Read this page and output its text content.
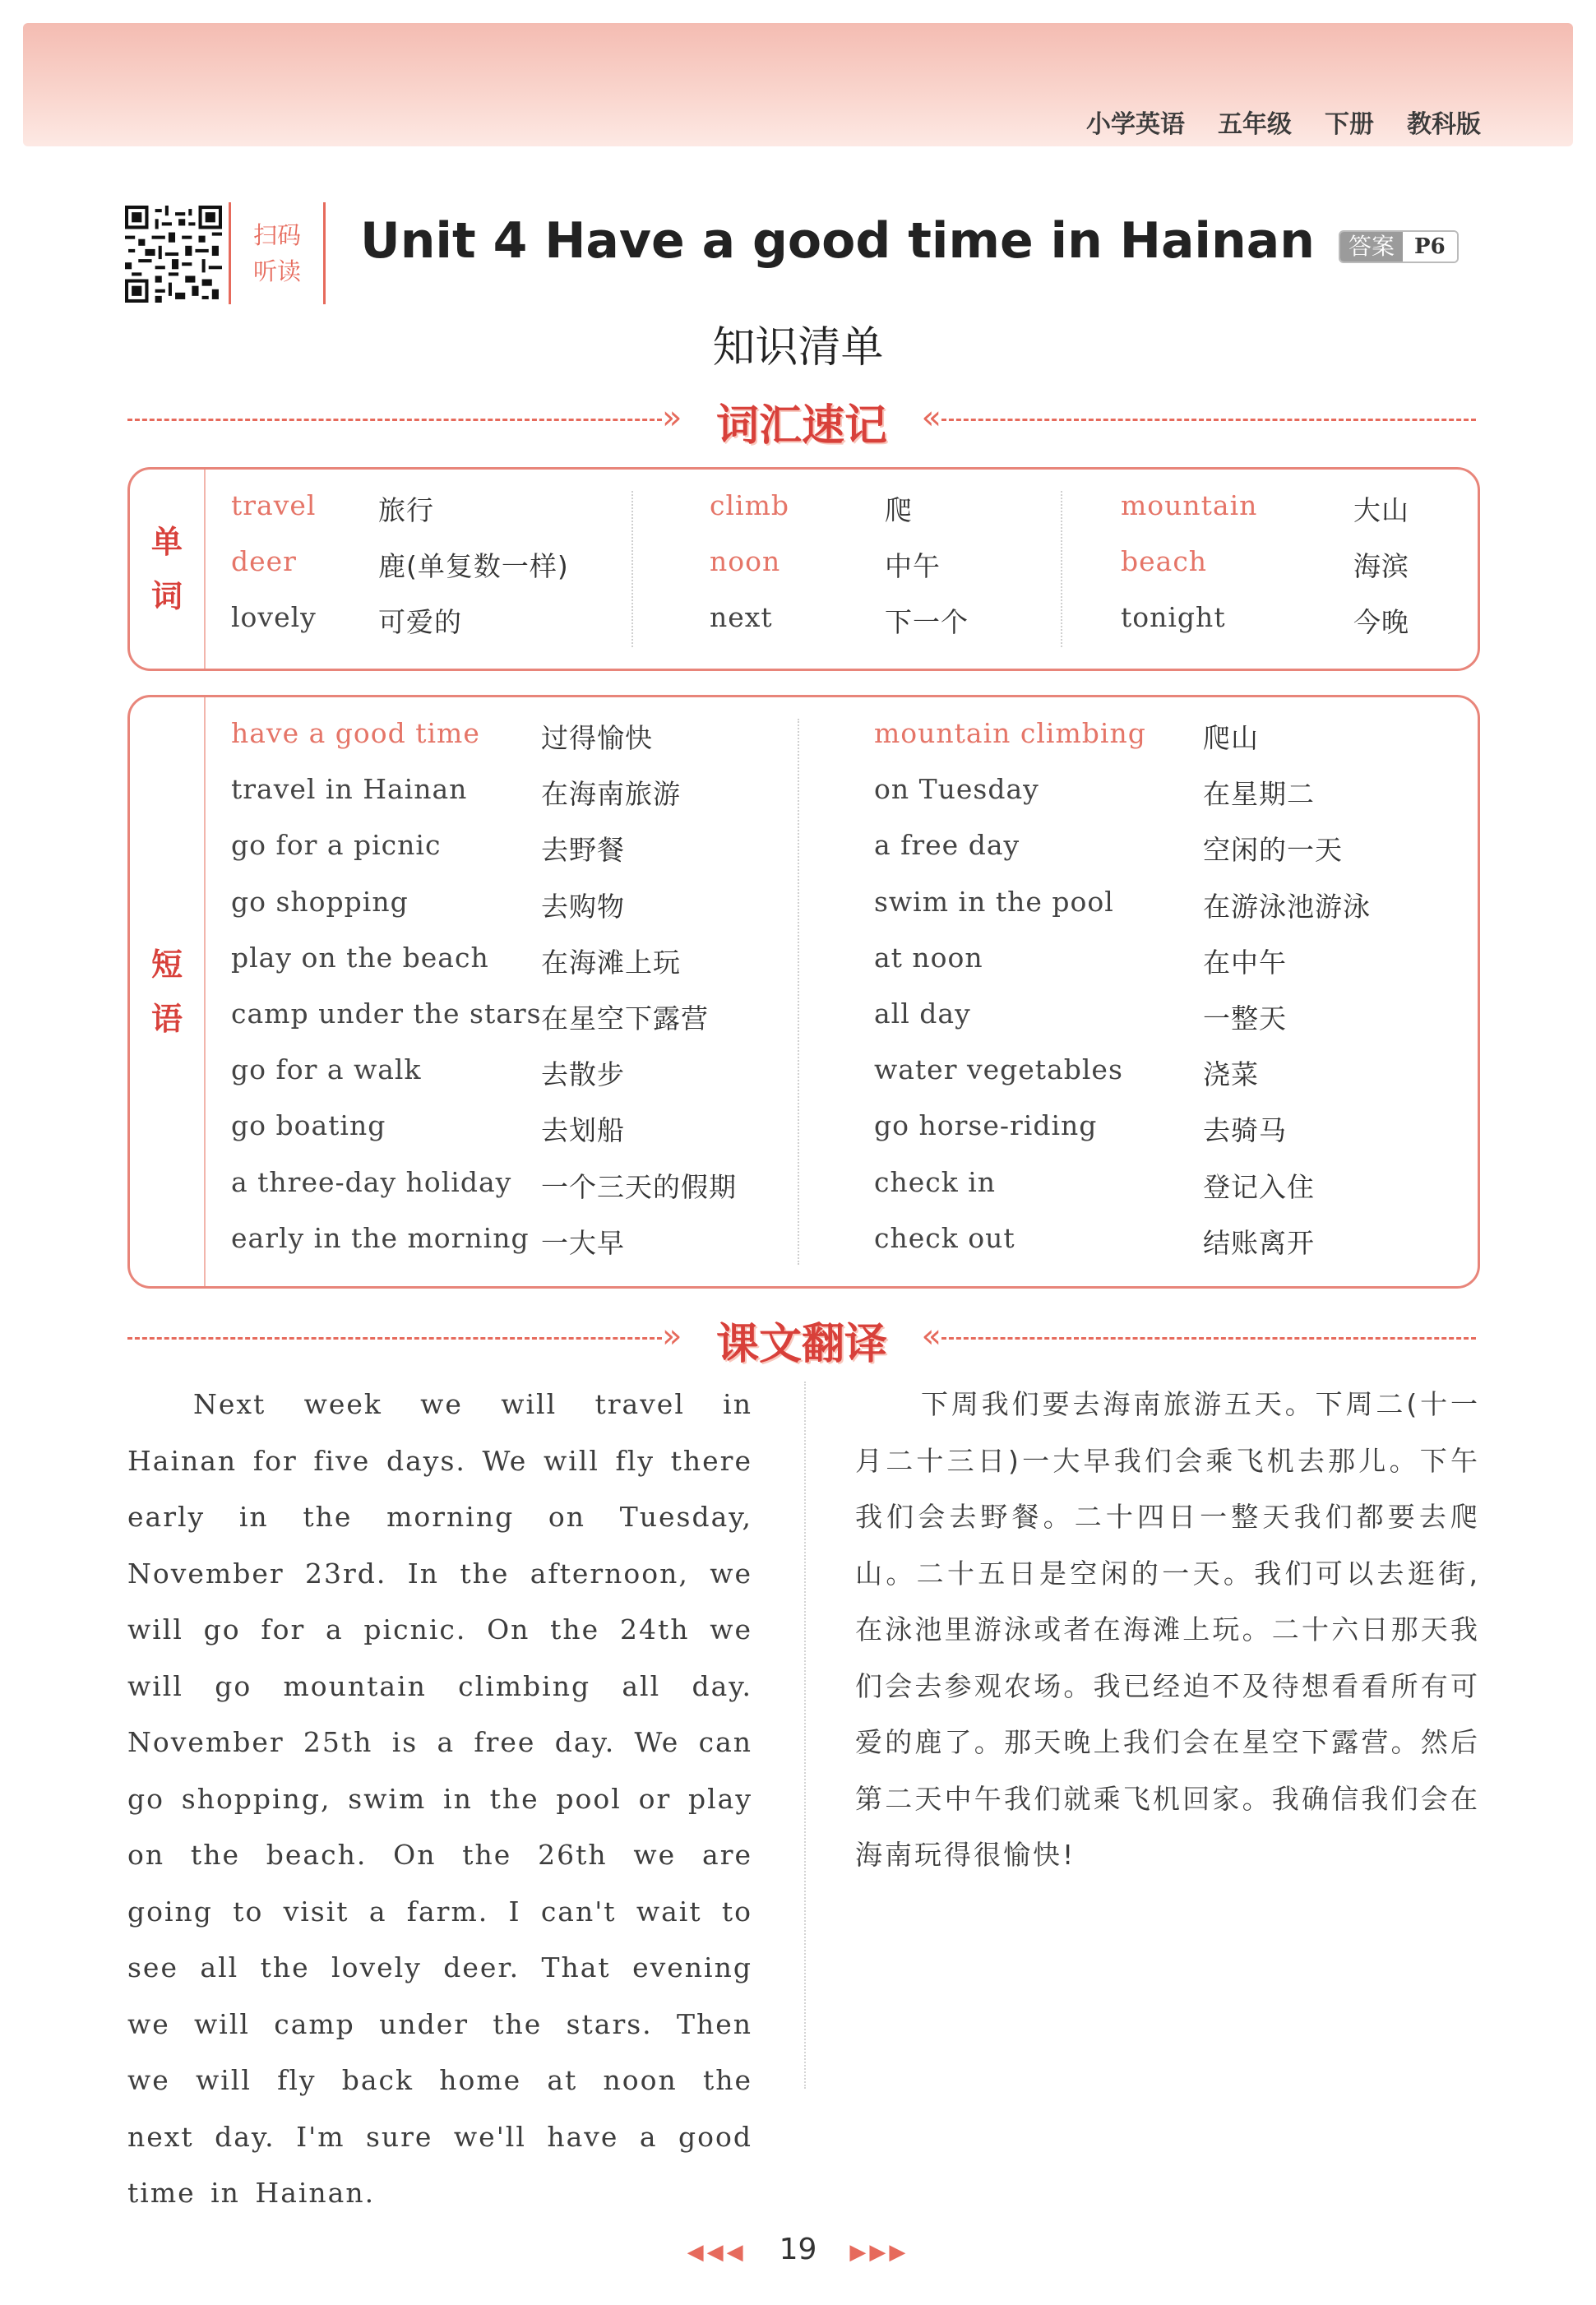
小学英语 五年级 下册 教科版
扫码
听读
Unit 4 Have a good time in Hainan	答案 P6
知识清单
» 词汇速记	«
单
词
travel 旅行
deer	鹿(单复数一样)
lovely 可爱的
climb	爬
noon	中午
next	下一个
mountain	大山
beach	海滨
tonight	今晚
短
语
have a good time 过得愉快
travel in Hainan	在海南旅游
go for a picnic	去野餐
go shopping	去购物
play on the beach 在海滩上玩
camp under the stars 在星空下露营
go for a walk	去散步
go boating	去划船
a three-day holiday 一个三天的假期
early in the morning 一大早
mountain climbing 爬山
on Tuesday	在星期二
a free day	空闲的一天
swim in the pool	在游泳池游泳
at noon	在中午
all day	一整天
water vegetables	浇菜
go horse-riding	去骑马
check in	登记入住
check out	结账离开
» 课文翻译	«
Next week we will travel in Hainan for five days. We will fly there early in the morning on Tuesday, November 23rd. In the afternoon, we will go for a picnic. On the 24th we will go mountain climbing all day. November 25th is a free day. We can go shopping, swim in the pool or play on the beach. On the 26th we are going to visit a farm. I can't wait to see all the lovely deer. That evening we will camp under the stars. Then we will fly back home at noon the next day. I'm sure we'll have a good time in Hainan.
下周我们要去海南旅游五天。下周二(十一月二十三日)一大早我们会乘飞机去那儿。下午我们会去野餐。二十四日一整天我们都要去爬山。二十五日是空闲的一天。我们可以去逛街,在泳池里游泳或者在海滩上玩。二十六日那天我们会去参观农场。我已经迫不及待想看看所有可爱的鹿了。那天晚上我们会在星空下露营。然后第二天中午我们就乘飞机回家。我确信我们会在海南玩得很愉快!
◀◀◀ 19 ▶▶▶
